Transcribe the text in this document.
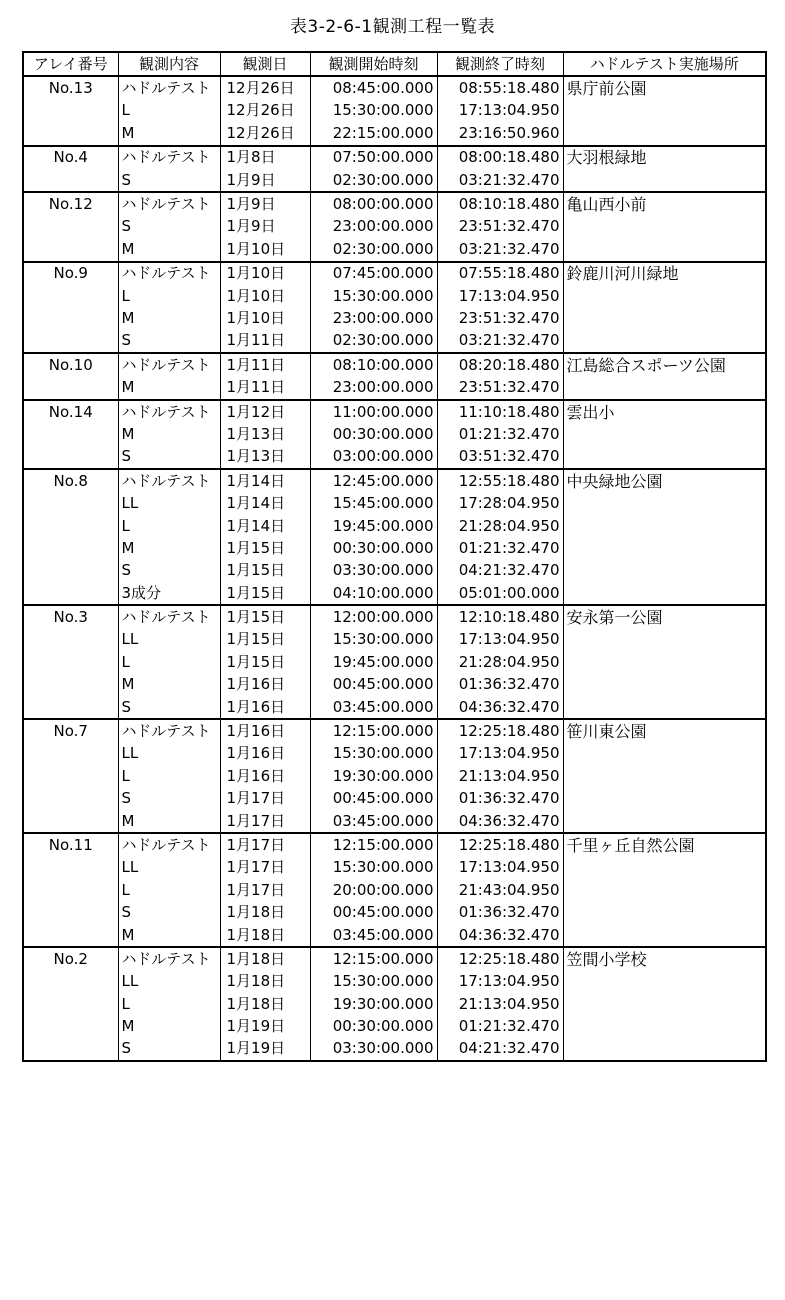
表3-2-6-1観測工程一覧表
アレイ番号	観測内容	観測日	観測開始時刻	観測終了時刻	ハドルテスト実施場所
No.13	ハドルテスト	12月26日	08:45:00.000	08:55:18.480	県庁前公園
	L	12月26日	15:30:00.000	17:13:04.950	
	M	12月26日	22:15:00.000	23:16:50.960	
No.4	ハドルテスト	1月8日	07:50:00.000	08:00:18.480	大羽根緑地
	S	1月9日	02:30:00.000	03:21:32.470	
No.12	ハドルテスト	1月9日	08:00:00.000	08:10:18.480	亀山西小前
	S	1月9日	23:00:00.000	23:51:32.470	
	M	1月10日	02:30:00.000	03:21:32.470	
No.9	ハドルテスト	1月10日	07:45:00.000	07:55:18.480	鈴鹿川河川緑地
	L	1月10日	15:30:00.000	17:13:04.950	
	M	1月10日	23:00:00.000	23:51:32.470	
	S	1月11日	02:30:00.000	03:21:32.470	
No.10	ハドルテスト	1月11日	08:10:00.000	08:20:18.480	江島総合スポーツ公園
	M	1月11日	23:00:00.000	23:51:32.470	
No.14	ハドルテスト	1月12日	11:00:00.000	11:10:18.480	雲出小
	M	1月13日	00:30:00.000	01:21:32.470	
	S	1月13日	03:00:00.000	03:51:32.470	
No.8	ハドルテスト	1月14日	12:45:00.000	12:55:18.480	中央緑地公園
	LL	1月14日	15:45:00.000	17:28:04.950	
	L	1月14日	19:45:00.000	21:28:04.950	
	M	1月15日	00:30:00.000	01:21:32.470	
	S	1月15日	03:30:00.000	04:21:32.470	
	3成分	1月15日	04:10:00.000	05:01:00.000	
No.3	ハドルテスト	1月15日	12:00:00.000	12:10:18.480	安永第一公園
	LL	1月15日	15:30:00.000	17:13:04.950	
	L	1月15日	19:45:00.000	21:28:04.950	
	M	1月16日	00:45:00.000	01:36:32.470	
	S	1月16日	03:45:00.000	04:36:32.470	
No.7	ハドルテスト	1月16日	12:15:00.000	12:25:18.480	笹川東公園
	LL	1月16日	15:30:00.000	17:13:04.950	
	L	1月16日	19:30:00.000	21:13:04.950	
	S	1月17日	00:45:00.000	01:36:32.470	
	M	1月17日	03:45:00.000	04:36:32.470	
No.11	ハドルテスト	1月17日	12:15:00.000	12:25:18.480	千里ヶ丘自然公園
	LL	1月17日	15:30:00.000	17:13:04.950	
	L	1月17日	20:00:00.000	21:43:04.950	
	S	1月18日	00:45:00.000	01:36:32.470	
	M	1月18日	03:45:00.000	04:36:32.470	
No.2	ハドルテスト	1月18日	12:15:00.000	12:25:18.480	笠間小学校
	LL	1月18日	15:30:00.000	17:13:04.950	
	L	1月18日	19:30:00.000	21:13:04.950	
	M	1月19日	00:30:00.000	01:21:32.470	
	S	1月19日	03:30:00.000	04:21:32.470	
